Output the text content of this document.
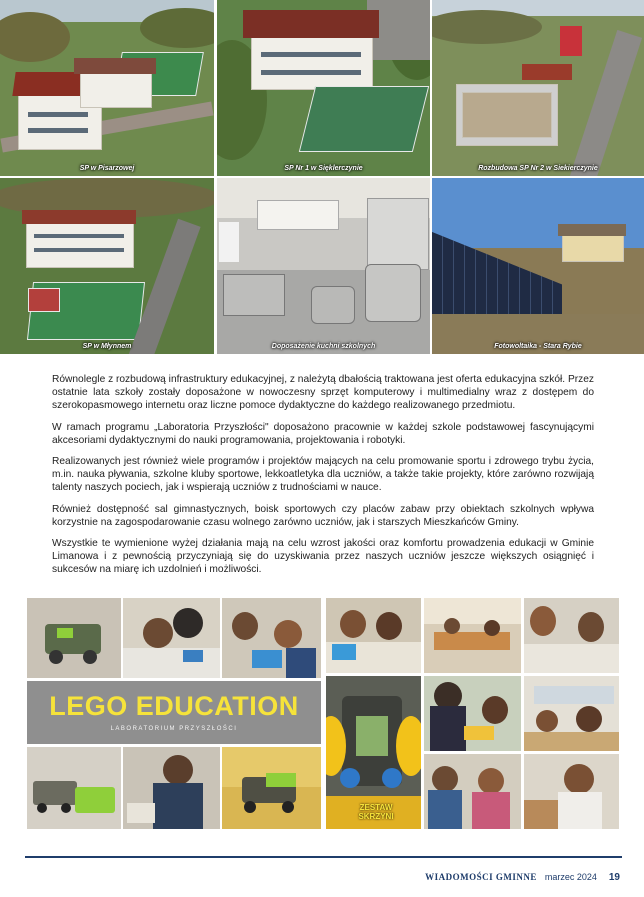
SP w Pisarzowej	SP Nr 1 w Sięklerczynie	Rozbudowa SP Nr 2 w Siekierczynie
SP w Młynnem	Doposażenie kuchni szkolnych	Fotowoltaika - Stara Rybie

Równolegle z rozbudową infrastruktury edukacyjnej, z należytą dbałością traktowana jest oferta edukacyjna szkół. Przez ostatnie lata szkoły zostały doposażone w nowoczesny sprzęt komputerowy i multimedialny wraz z dostępem do szerokopasmowego internetu oraz liczne pomoce dydaktyczne do każdego realizowanego przedmiotu.

W ramach programu „Laboratoria Przyszłości" doposażono pracownie w każdej szkole podstawowej fascynującymi akcesoriami dydaktycznymi do nauki programowania, projektowania i robotyki.

Realizowanych jest również wiele programów i projektów mających na celu promowanie sportu i zdrowego trybu życia, m.in. nauka pływania, szkolne kluby sportowe, lekkoatletyka dla uczniów, a także takie projekty, które zarówno rozwijają talenty naszych pociech, jak i wspierają uczniów z trudnościami w nauce.

Również dostępność sal gimnastycznych, boisk sportowych czy placów zabaw przy obiektach szkolnych wpływa korzystnie na zagospodarowanie czasu wolnego zarówno uczniów, jak i starszych Mieszkańców Gminy.

Wszystkie te wymienione wyżej działania mają na celu wzrost jakości oraz komfortu prowadzenia edukacji w Gminie Limanowa i z pewnością przyczyniają się do uzyskiwania przez naszych uczniów jeszcze większych osiągnięć i sukcesów na miarę ich uzdolnień i możliwości.

LEGO EDUCATION
LABORATORIUM PRZYSZŁOŚCI
ZESTAW SKRZYNI
WIADOMOŚCI GMINNE marzec 2024 19
